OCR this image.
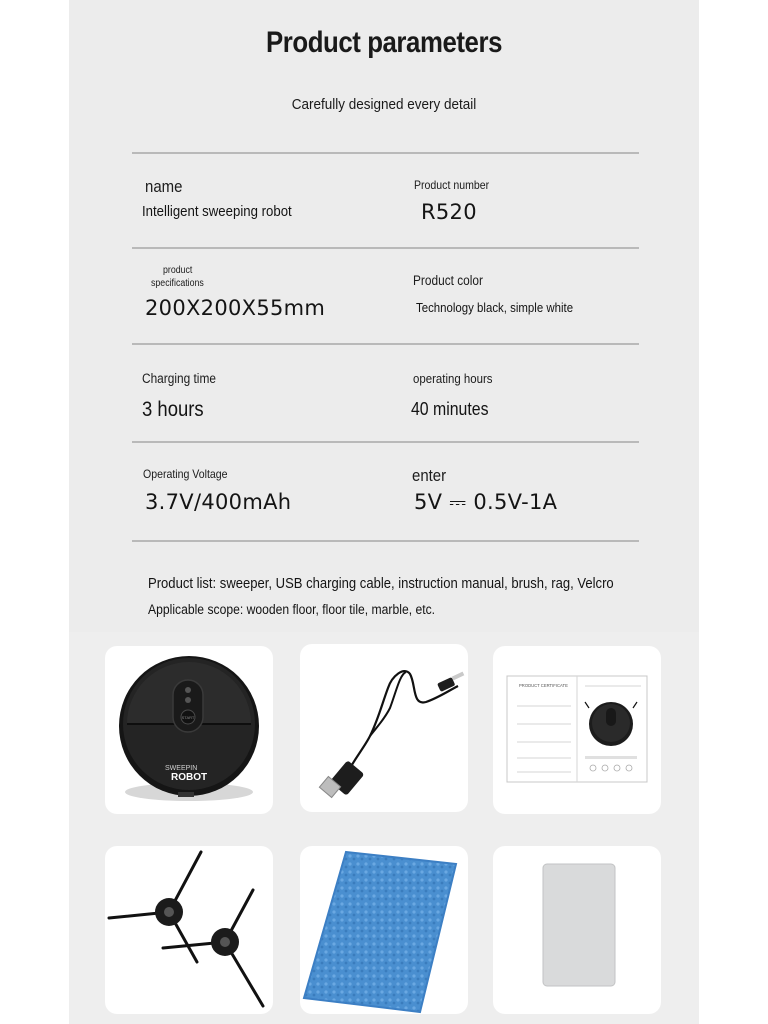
Product parameters
Carefully designed every detail
name
Intelligent sweeping robot
Product number
R520
product
specifications
200X200X55mm
Product color
Technology black, simple white
Charging time
3 hours
operating hours
40 minutes
Operating Voltage
3.7V/400mAh
enter
5V ⎓ 0.5V-1A
Product list: sweeper, USB charging cable, instruction manual, brush, rag, Velcro
Applicable scope: wooden floor, floor tile, marble, etc.
START
SWEEPIN
ROBOT
PRODUCT CERTIFICATE
